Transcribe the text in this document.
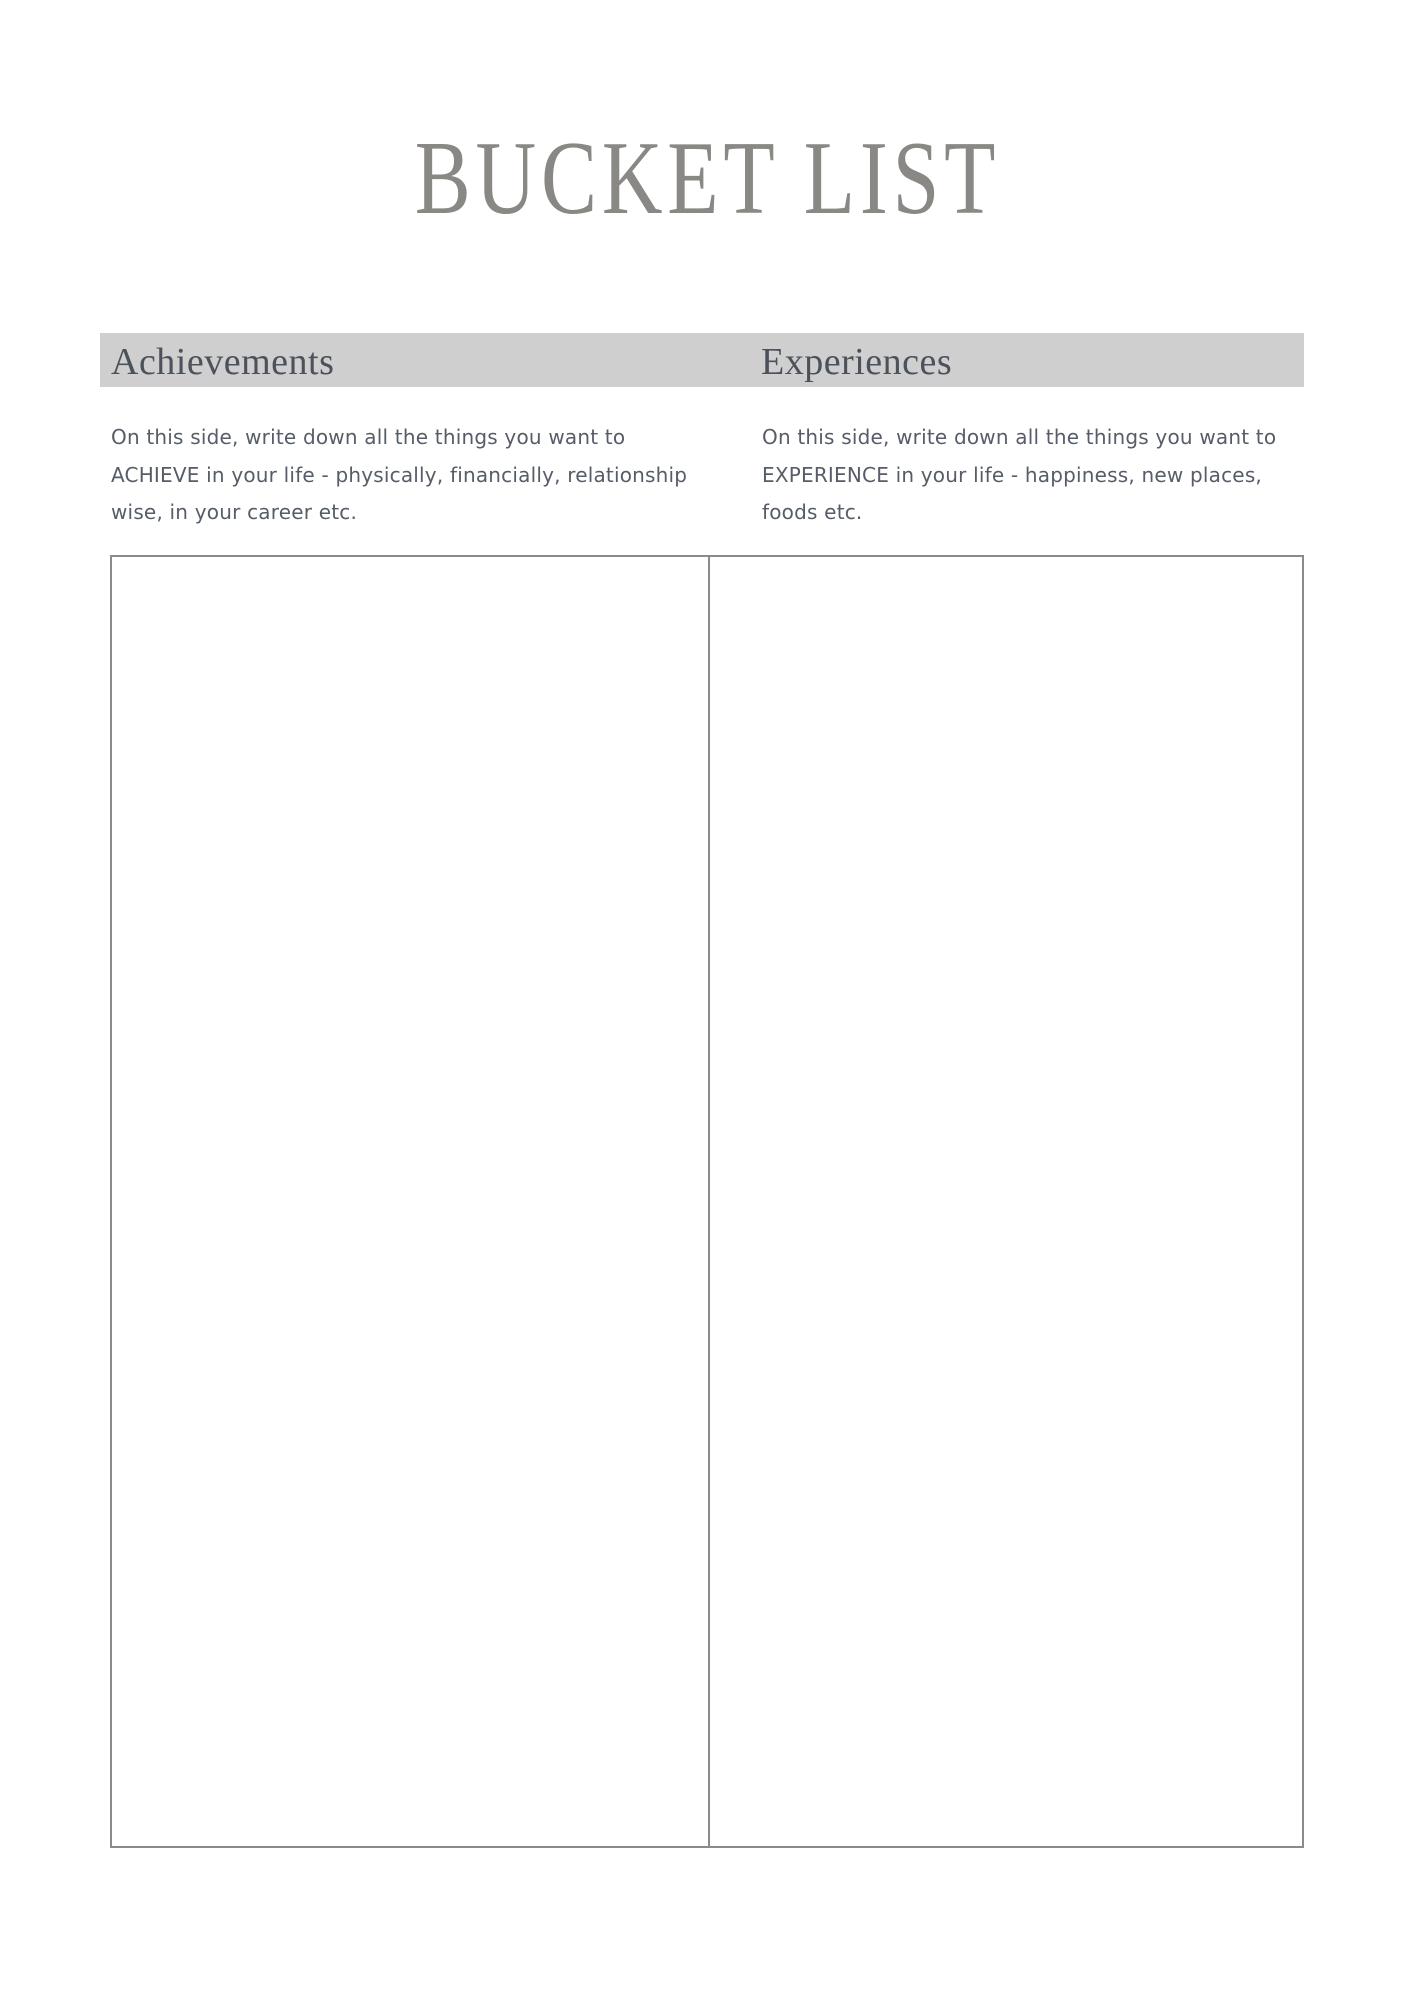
BUCKET LIST
Achievements	Experiences
On this side, write down all the things you want to
ACHIEVE in your life - physically, financially, relationship
wise, in your career etc.
On this side, write down all the things you want to
EXPERIENCE in your life - happiness, new places,
foods etc.
